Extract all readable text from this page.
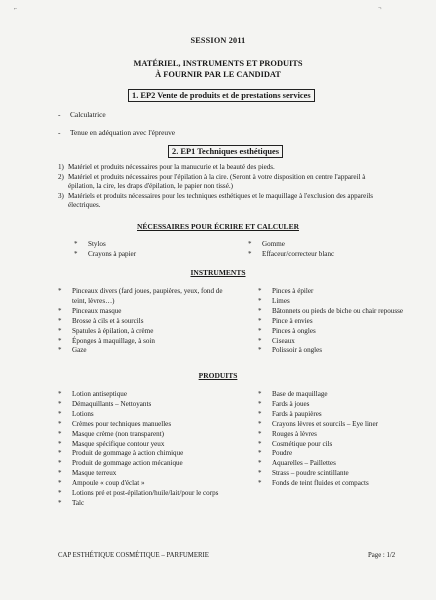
⌐	¬
SESSION 2011
MATÉRIEL, INSTRUMENTS ET PRODUITS
À FOURNIR PAR LE CANDIDAT
1. EP2 Vente de produits et de prestations services
- Calculatrice
- Tenue en adéquation avec l'épreuve
2. EP1 Techniques esthétiques
1) Matériel et produits nécessaires pour la manucurie et la beauté des pieds.
2) Matériel et produits nécessaires pour l'épilation à la cire. (Seront à votre disposition en centre l'appareil à épilation, la cire, les draps d'épilation, le papier non tissé.)
3) Matériels et produits nécessaires pour les techniques esthétiques et le maquillage à l'exclusion des appareils électriques.
NÉCESSAIRES POUR ÉCRIRE ET CALCULER
* Stylos
* Crayons à papier
* Gomme
* Effaceur/correcteur blanc
INSTRUMENTS
* Pinceaux divers (fard joues, paupières, yeux, fond de teint, lèvres…)
* Pinceaux masque
* Brosse à cils et à sourcils
* Spatules à épilation, à crème
* Éponges à maquillage, à soin
* Gaze
* Pinces à épiler
* Limes
* Bâtonnets ou pieds de biche ou chair repousse
* Pince à envies
* Pinces à ongles
* Ciseaux
* Polissoir à ongles
PRODUITS
* Lotion antiseptique
* Démaquillants – Nettoyants
* Lotions
* Crèmes pour techniques manuelles
* Masque crème (non transparent)
* Masque spécifique contour yeux
* Produit de gommage à action chimique
* Produit de gommage action mécanique
* Masque terreux
* Ampoule « coup d'éclat »
* Lotions pré et post-épilation/huile/lait/pour le corps
* Talc
* Base de maquillage
* Fards à joues
* Fards à paupières
* Crayons lèvres et sourcils – Eye liner
* Rouges à lèvres
* Cosmétique pour cils
* Poudre
* Aquarelles – Paillettes
* Strass – poudre scintillante
* Fonds de teint fluides et compacts
CAP ESTHÉTIQUE COSMÉTIQUE – PARFUMERIE	Page : 1/2
